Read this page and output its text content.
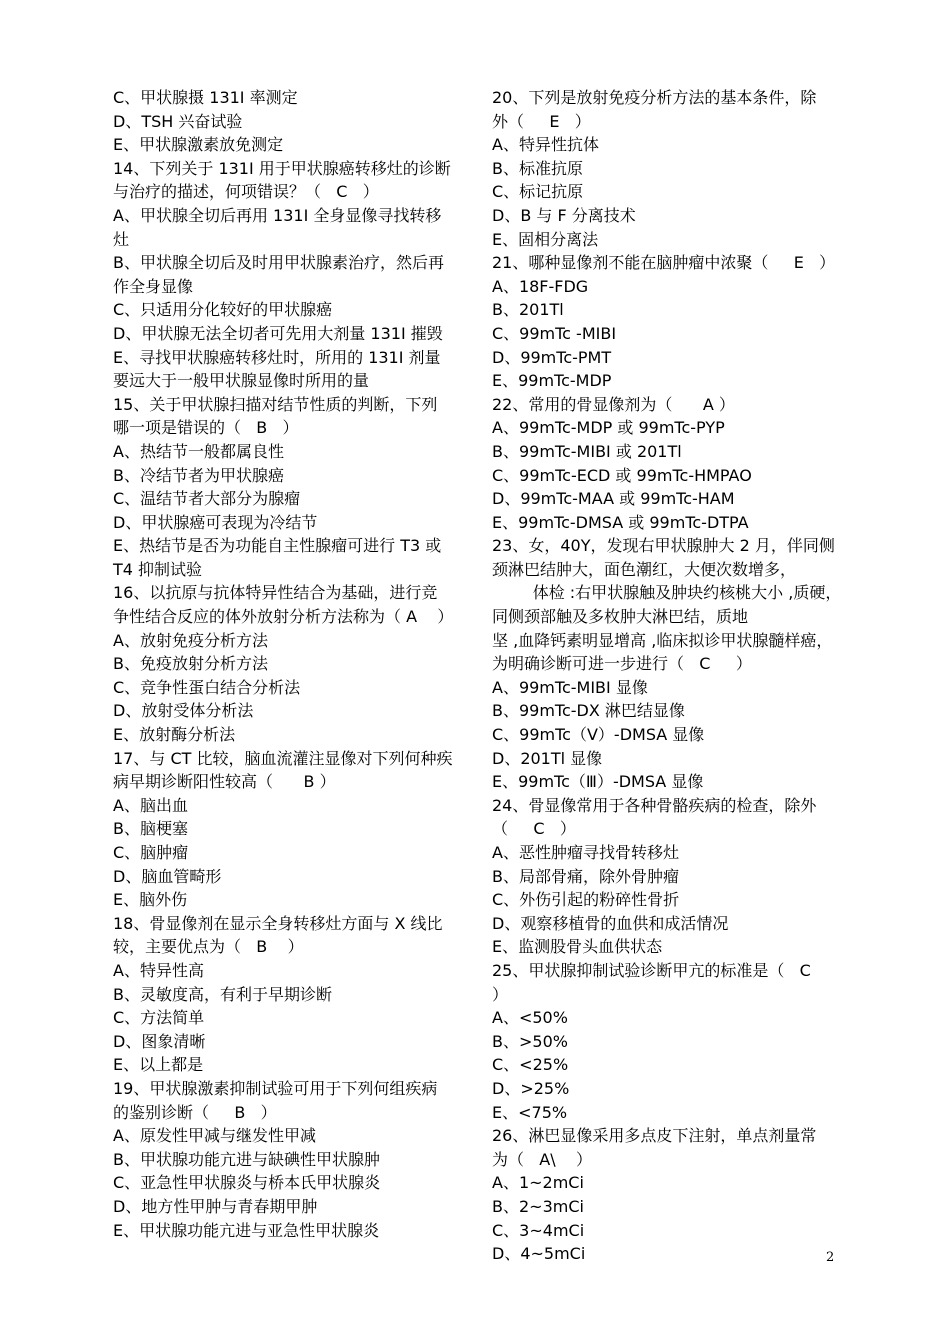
C、甲状腺摄 131I 率测定
D、TSH 兴奋试验
E、甲状腺激素放免测定
14、下列关于 131I 用于甲状腺癌转移灶的诊断
与治疗的描述，何项错误？（   C   ）
A、甲状腺全切后再用 131I 全身显像寻找转移
灶
B、甲状腺全切后及时用甲状腺素治疗，然后再
作全身显像
C、只适用分化较好的甲状腺癌
D、甲状腺无法全切者可先用大剂量 131I 摧毁
E、寻找甲状腺癌转移灶时，所用的 131I 剂量
要远大于一般甲状腺显像时所用的量
15、关于甲状腺扫描对结节性质的判断，下列
哪一项是错误的（   B   ）
A、热结节一般都属良性
B、冷结节者为甲状腺癌
C、温结节者大部分为腺瘤
D、甲状腺癌可表现为冷结节
E、热结节是否为功能自主性腺瘤可进行 T3 或
T4 抑制试验
16、以抗原与抗体特异性结合为基础，进行竞
争性结合反应的体外放射分析方法称为（ A    ）
A、放射免疫分析方法
B、免疫放射分析方法
C、竞争性蛋白结合分析法
D、放射受体分析法
E、放射酶分析法
17、与 CT 比较，脑血流灌注显像对下列何种疾
病早期诊断阳性较高（      B ）
A、脑出血
B、脑梗塞
C、脑肿瘤
D、脑血管畸形
E、脑外伤
18、骨显像剂在显示全身转移灶方面与 X 线比
较，主要优点为（   B    ）
A、特异性高
B、灵敏度高，有利于早期诊断
C、方法简单
D、图象清晰
E、以上都是
19、甲状腺激素抑制试验可用于下列何组疾病
的鉴别诊断（     B   ）
A、原发性甲减与继发性甲减
B、甲状腺功能亢进与缺碘性甲状腺肿
C、亚急性甲状腺炎与桥本氏甲状腺炎
D、地方性甲肿与青春期甲肿
E、甲状腺功能亢进与亚急性甲状腺炎
20、下列是放射免疫分析方法的基本条件，除
外（     E   ）
A、特异性抗体
B、标准抗原
C、标记抗原
D、B 与 F 分离技术
E、固相分离法
21、哪种显像剂不能在脑肿瘤中浓聚（     E   ）
A、18F-FDG
B、201Tl
C、99mTc -MIBI
D、99mTc-PMT
E、99mTc-MDP
22、常用的骨显像剂为（      A ）
A、99mTc-MDP 或 99mTc-PYP
B、99mTc-MIBI 或 201Tl
C、99mTc-ECD 或 99mTc-HMPAO
D、99mTc-MAA 或 99mTc-HAM
E、99mTc-DMSA 或 99mTc-DTPA
23、女，40Y，发现右甲状腺肿大 2 月，伴同侧
颈淋巴结肿大，面色潮红，大便次数增多，
体检 :右甲状腺触及肿块约核桃大小 ,质硬，
同侧颈部触及多枚肿大淋巴结，质地
坚 ,血降钙素明显增高 ,临床拟诊甲状腺髓样癌，
为明确诊断可进一步进行（   C     ）
A、99mTc-MIBI 显像
B、99mTc-DX 淋巴结显像
C、99mTc（Ⅴ）-DMSA 显像
D、201Tl 显像
E、99mTc（Ⅲ）-DMSA 显像
24、骨显像常用于各种骨骼疾病的检查，除外
（     C   ）
A、恶性肿瘤寻找骨转移灶
B、局部骨痛，除外骨肿瘤
C、外伤引起的粉碎性骨折
D、观察移植骨的血供和成活情况
E、监测股骨头血供状态
25、甲状腺抑制试验诊断甲亢的标准是（   C     ）
A、<50%
B、>50%
C、<25%
D、>25%
E、<75%
26、淋巴显像采用多点皮下注射，单点剂量常
为（   A\    ）
A、1~2mCi
B、2~3mCi
C、3~4mCi
D、4~5mCi	2
